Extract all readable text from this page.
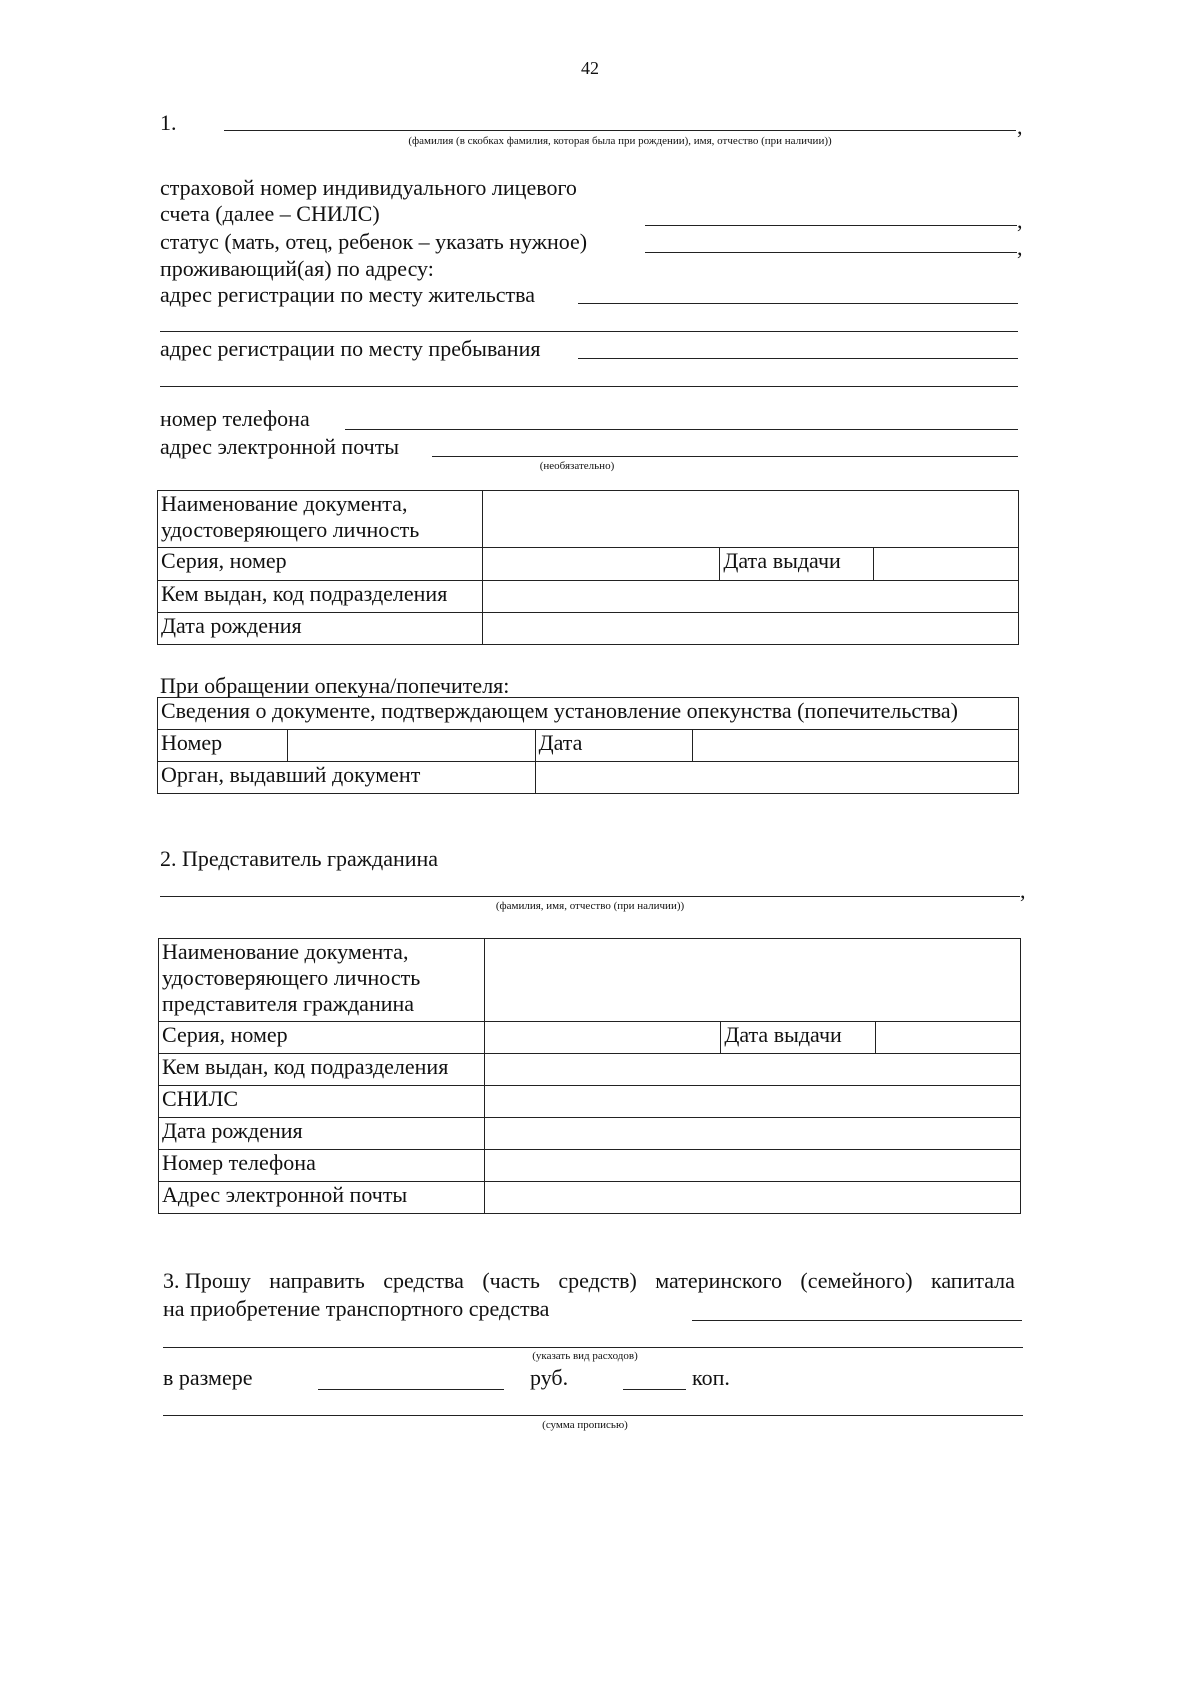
42
1.	,
(фамилия (в скобках фамилия, которая была при рождении), имя, отчество (при наличии))
страховой номер индивидуального лицевого
счета (далее – СНИЛС)	,
статус (мать, отец, ребенок – указать нужное)	,
проживающий(ая) по адресу:
адрес регистрации по месту жительства
адрес регистрации по месту пребывания
номер телефона
адрес электронной почты
(необязательно)
Наименование документа,
удостоверяющего личность			

Серия, номер		Дата выдачи	
Кем выдан, код подразделения			
Дата рождения			
При обращении опекуна/попечителя:
Сведения о документе, подтверждающем установление опекунства (попечительства)			
Номер		Дата	
Орган, выдавший документ			
2. Представитель гражданина
,
(фамилия, имя, отчество (при наличии))
Наименование документа,
удостоверяющего личность
представителя гражданина			

Серия, номер		Дата выдачи	
Кем выдан, код подразделения			
СНИЛС			
Дата рождения			
Номер телефона			
Адрес электронной почты			
3. Прошу направить средства (часть средств) материнского (семейного) капитала
на приобретение транспортного средства
(указать вид расходов)
в размере	руб.	коп.
(сумма прописью)
